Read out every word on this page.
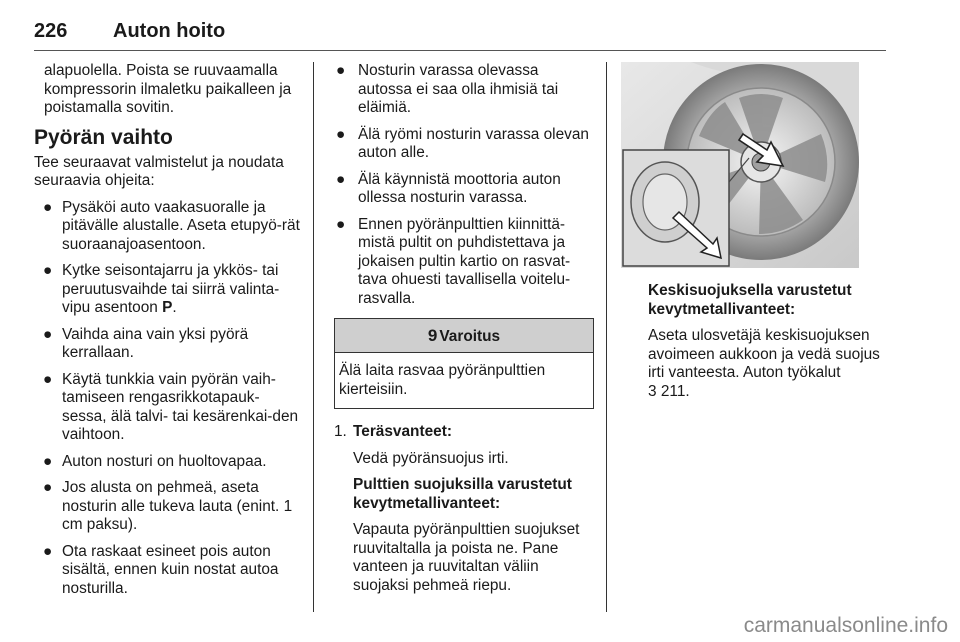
226 Auton hoito

alapuolella. Poista se ruuvaamalla kompressorin ilmaletku paikalleen ja poistamalla sovitin.

Pyörän vaihto

Tee seuraavat valmistelut ja noudata seuraavia ohjeita:

● Pysäköi auto vaakasuoralle ja pitävälle alustalle. Aseta etupyö-rät suoraanajoasentoon.
● Kytke seisontajarru ja ykkös- tai peruutusvaihde tai siirrä valinta-vipu asentoon P.
● Vaihda aina vain yksi pyörä kerrallaan.
● Käytä tunkkia vain pyörän vaih-tamiseen rengasrikkotapauk-sessa, älä talvi- tai kesärenkai-den vaihtoon.
● Auton nosturi on huoltovapaa.
● Jos alusta on pehmeä, aseta nosturin alle tukeva lauta (enint. 1 cm paksu).
● Ota raskaat esineet pois auton sisältä, ennen kuin nostat autoa nosturilla.
● Nosturin varassa olevassa autossa ei saa olla ihmisiä tai eläimiä.
● Älä ryömi nosturin varassa olevan auton alle.
● Älä käynnistä moottoria auton ollessa nosturin varassa.
● Ennen pyöränpulttien kiinnittä-mistä pultit on puhdistettava ja jokaisen pultin kartio on rasvat-tava ohuesti tavallisella voitelu-rasvalla.
9 Varoitus
Älä laita rasvaa pyöränpulttien kierteisiin.
1. Teräsvanteet:

Vedä pyöränsuojus irti.

Pulttien suojuksilla varustetut kevytmetallivanteet:

Vapauta pyöränpulttien suojukset ruuvitaltalla ja poista ne. Pane vanteen ja ruuvitaltan väliin suojaksi pehmeä riepu.

Keskisuojuksella varustetut kevytmetallivanteet:

Aseta ulosvetäjä keskisuojuksen avoimeen aukkoon ja vedä suojus irti vanteesta. Auton työkalut
3 211.

carmanualsonline.info
